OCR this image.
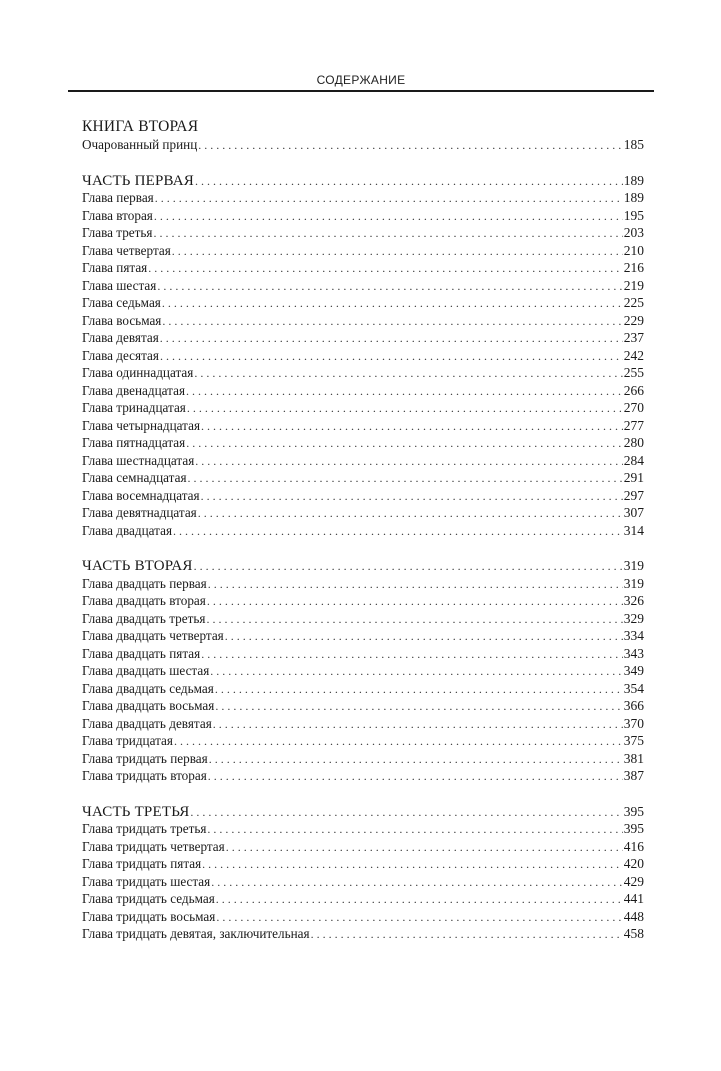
СОДЕРЖАНИЕ
КНИГА ВТОРАЯ
Очарованный принц . . .	185
ЧАСТЬ ПЕРВАЯ . . .	189
Глава первая . . .	189
Глава вторая . . .	195
Глава третья . . .	203
Глава четвертая . . .	210
Глава пятая . . .	216
Глава шестая . . .	219
Глава седьмая . . .	225
Глава восьмая . . .	229
Глава девятая . . .	237
Глава десятая . . .	242
Глава одиннадцатая . . .	255
Глава двенадцатая . . .	266
Глава тринадцатая . . .	270
Глава четырнадцатая . . .	277
Глава пятнадцатая . . .	280
Глава шестнадцатая . . .	284
Глава семнадцатая . . .	291
Глава восемнадцатая . . .	297
Глава девятнадцатая . . .	307
Глава двадцатая . . .	314
ЧАСТЬ ВТОРАЯ . . .	319
Глава двадцать первая . . .	319
Глава двадцать вторая . . .	326
Глава двадцать третья . . .	329
Глава двадцать четвертая . . .	334
Глава двадцать пятая . . .	343
Глава двадцать шестая . . .	349
Глава двадцать седьмая . . .	354
Глава двадцать восьмая . . .	366
Глава двадцать девятая . . .	370
Глава тридцатая . . .	375
Глава тридцать первая . . .	381
Глава тридцать вторая . . .	387
ЧАСТЬ ТРЕТЬЯ . . .	395
Глава тридцать третья . . .	395
Глава тридцать четвертая . . .	416
Глава тридцать пятая . . .	420
Глава тридцать шестая . . .	429
Глава тридцать седьмая . . .	441
Глава тридцать восьмая . . .	448
Глава тридцать девятая, заключительная . . .	458
